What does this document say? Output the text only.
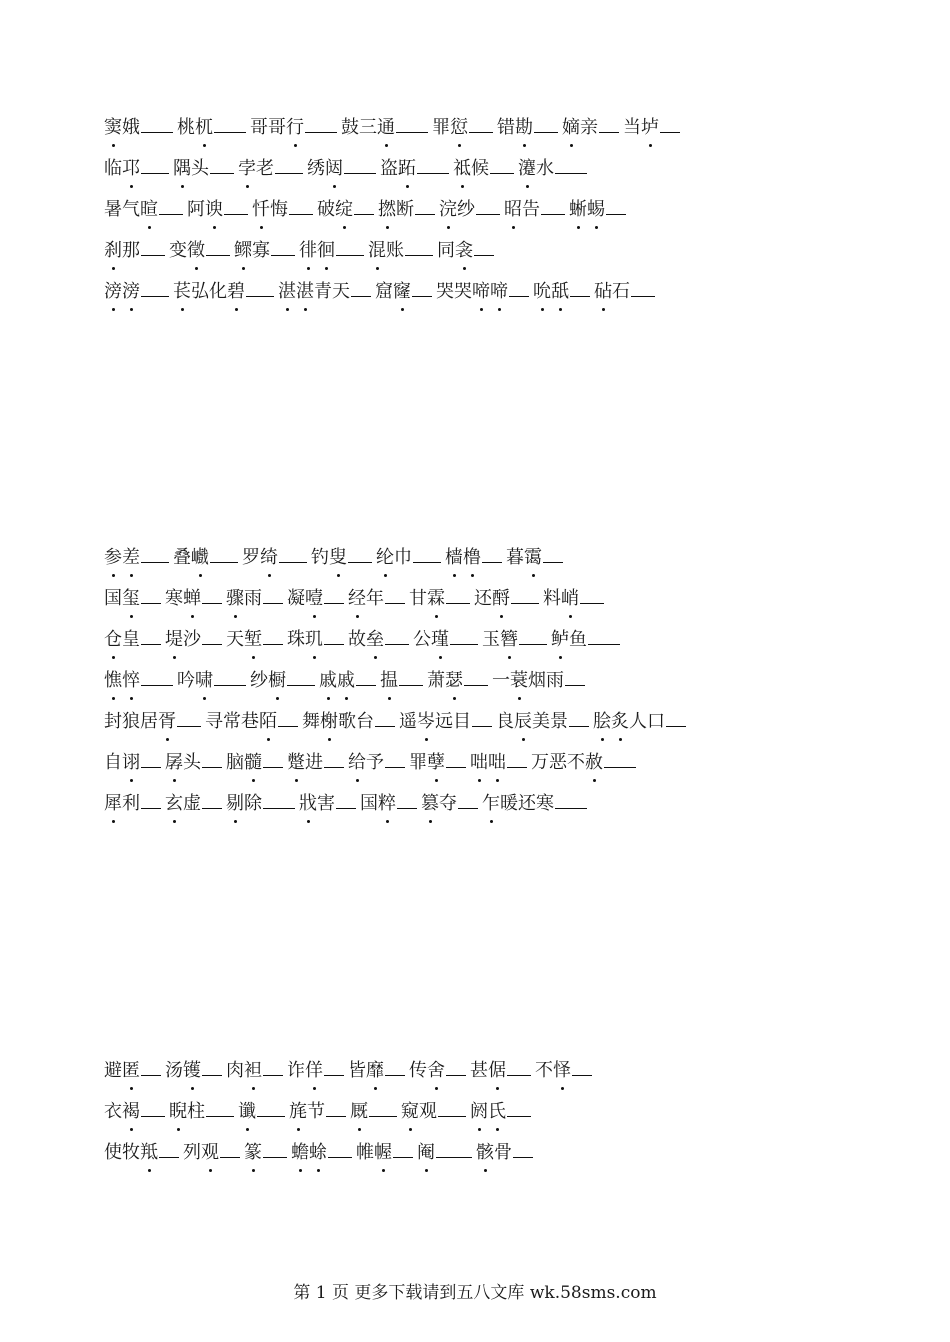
窦娥 桃杌 哥哥行 鼓三通 罪愆 错勘 嫡亲 当垆
临邛 隅头 孛老 绣闼 盗跖 祗候 瀽水
暑气暄 阿谀 忏悔 破绽 撚断 浣纱 昭告 蜥蜴
刹那 变徵 鳏寡 徘徊 混账 同衾
滂滂 苌弘化碧 湛湛青天 窟窿 哭哭啼啼 吮舐 砧石
参差 叠巇 罗绮 钓叟 纶巾 樯橹 暮霭
国玺 寒蝉 骤雨 凝噎 经年 甘霖 还酹 料峭
仓皇 堤沙 天堑 珠玑 故垒 公瑾 玉簪 鲈鱼
憔悴 吟啸 纱橱 戚戚 揾 萧瑟 一蓑烟雨
封狼居胥 寻常巷陌 舞榭歌台 遥岑远目 良辰美景 脍炙人口
自诩 孱头 脑髓 蹩进 给予 罪孽 咄咄 万恶不赦
犀利 玄虚 剔除 戕害 国粹 篡夺 乍暖还寒
避匿 汤镬 肉袒 诈佯 皆靡 传舍 甚倨 不怿
衣褐 睨柱 谶 旄节 厩 窥观 阏氏
使牧羝 列观 篆 蟾蜍 帷幄 阉 骸骨
第 1 页 更多下载请到五八文库 wk.58sms.com
